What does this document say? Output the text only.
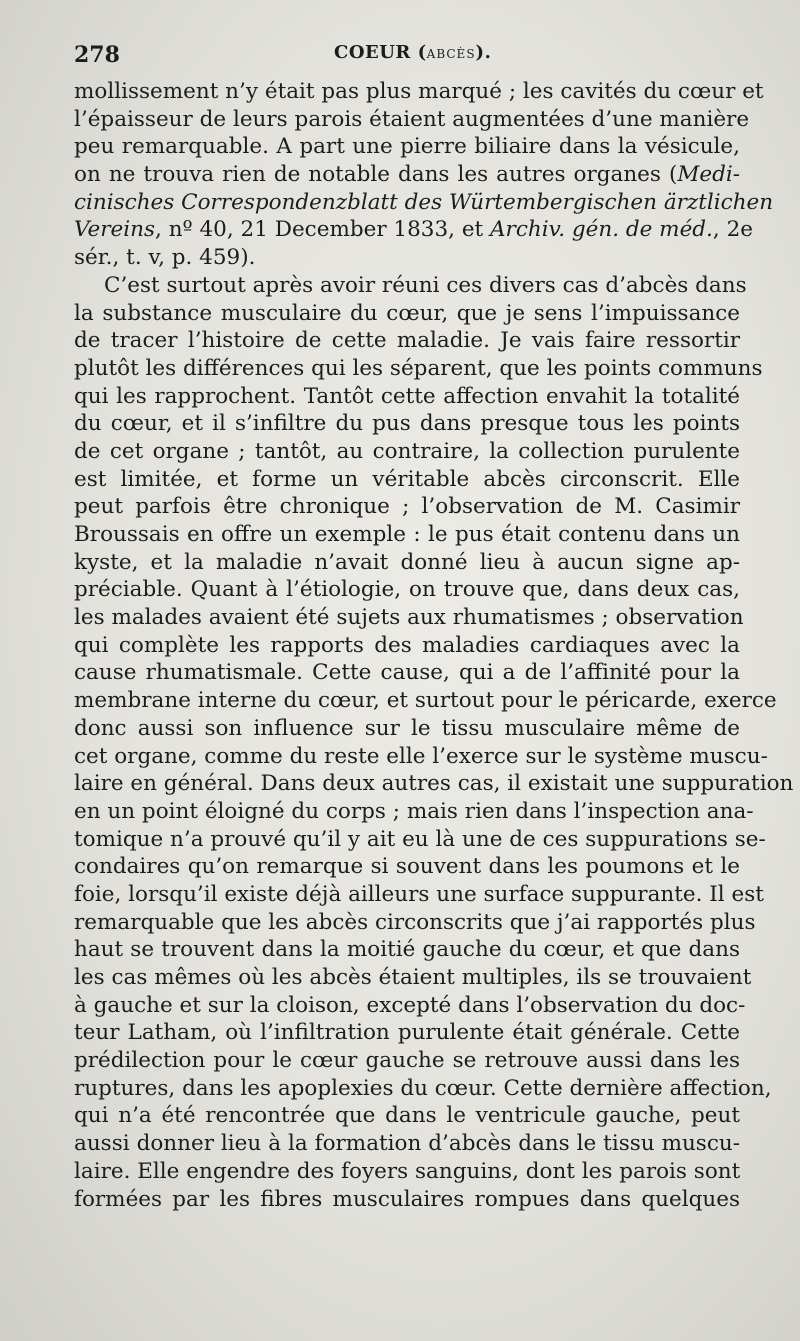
278	COEUR (ABCÈS).
mollissement n’y était pas plus marqué ; les cavités du cœur et
l’épaisseur de leurs parois étaient augmentées d’une manière
peu remarquable. A part une pierre biliaire dans la vésicule,
on ne trouva rien de notable dans les autres organes (Medi-
cinisches Correspondenzblatt des Würtembergischen ärztlichen
Vereins, nº 40, 21 December 1833, et Archiv. gén. de méd., 2e
sér., t. v, p. 459).
C’est surtout après avoir réuni ces divers cas d’abcès dans
la substance musculaire du cœur, que je sens l’impuissance
de tracer l’histoire de cette maladie. Je vais faire ressortir
plutôt les différences qui les séparent, que les points communs
qui les rapprochent. Tantôt cette affection envahit la totalité
du cœur, et il s’infiltre du pus dans presque tous les points
de cet organe ; tantôt, au contraire, la collection purulente
est limitée, et forme un véritable abcès circonscrit. Elle
peut parfois être chronique ; l’observation de M. Casimir
Broussais en offre un exemple : le pus était contenu dans un
kyste, et la maladie n’avait donné lieu à aucun signe ap-
préciable. Quant à l’étiologie, on trouve que, dans deux cas,
les malades avaient été sujets aux rhumatismes ; observation
qui complète les rapports des maladies cardiaques avec la
cause rhumatismale. Cette cause, qui a de l’affinité pour la
membrane interne du cœur, et surtout pour le péricarde, exerce
donc aussi son influence sur le tissu musculaire même de
cet organe, comme du reste elle l’exerce sur le système muscu-
laire en général. Dans deux autres cas, il existait une suppuration
en un point éloigné du corps ; mais rien dans l’inspection ana-
tomique n’a prouvé qu’il y ait eu là une de ces suppurations se-
condaires qu’on remarque si souvent dans les poumons et le
foie, lorsqu’il existe déjà ailleurs une surface suppurante. Il est
remarquable que les abcès circonscrits que j’ai rapportés plus
haut se trouvent dans la moitié gauche du cœur, et que dans
les cas mêmes où les abcès étaient multiples, ils se trouvaient
à gauche et sur la cloison, excepté dans l’observation du doc-
teur Latham, où l’infiltration purulente était générale. Cette
prédilection pour le cœur gauche se retrouve aussi dans les
ruptures, dans les apoplexies du cœur. Cette dernière affection,
qui n’a été rencontrée que dans le ventricule gauche, peut
aussi donner lieu à la formation d’abcès dans le tissu muscu-
laire. Elle engendre des foyers sanguins, dont les parois sont
formées par les fibres musculaires rompues dans quelques
